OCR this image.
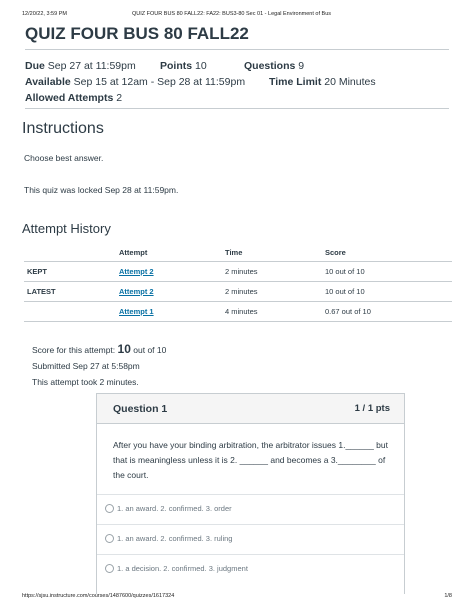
12/20/22, 3:59 PM	QUIZ FOUR BUS 80 FALL22: FA22: BUS3-80 Sec 01 - Legal Environment of Bus
QUIZ FOUR BUS 80 FALL22
Due Sep 27 at 11:59pm Points 10	Questions 9
Available Sep 15 at 12am - Sep 28 at 11:59pm Time Limit 20 Minutes
Allowed Attempts 2
Instructions
Choose best answer.
This quiz was locked Sep 28 at 11:59pm.
Attempt History
	Attempt	Time	Score
KEPT	Attempt 2	2 minutes	10 out of 10
LATEST	Attempt 2	2 minutes	10 out of 10
	Attempt 1	4 minutes	0.67 out of 10
Score for this attempt: 10 out of 10
Submitted Sep 27 at 5:58pm
This attempt took 2 minutes.
Question 1	1 / 1 pts
After you have your binding arbitration, the arbitrator issues 1.______ but that is meaningless unless it is 2. ______ and becomes a 3.________ of the court.
1. an award. 2. confirmed. 3. order
1. an award. 2. confirmed. 3. ruling
1. a decision. 2. confirmed. 3. judgment
https://sjsu.instructure.com/courses/1487600/quizzes/1617324	1/8
